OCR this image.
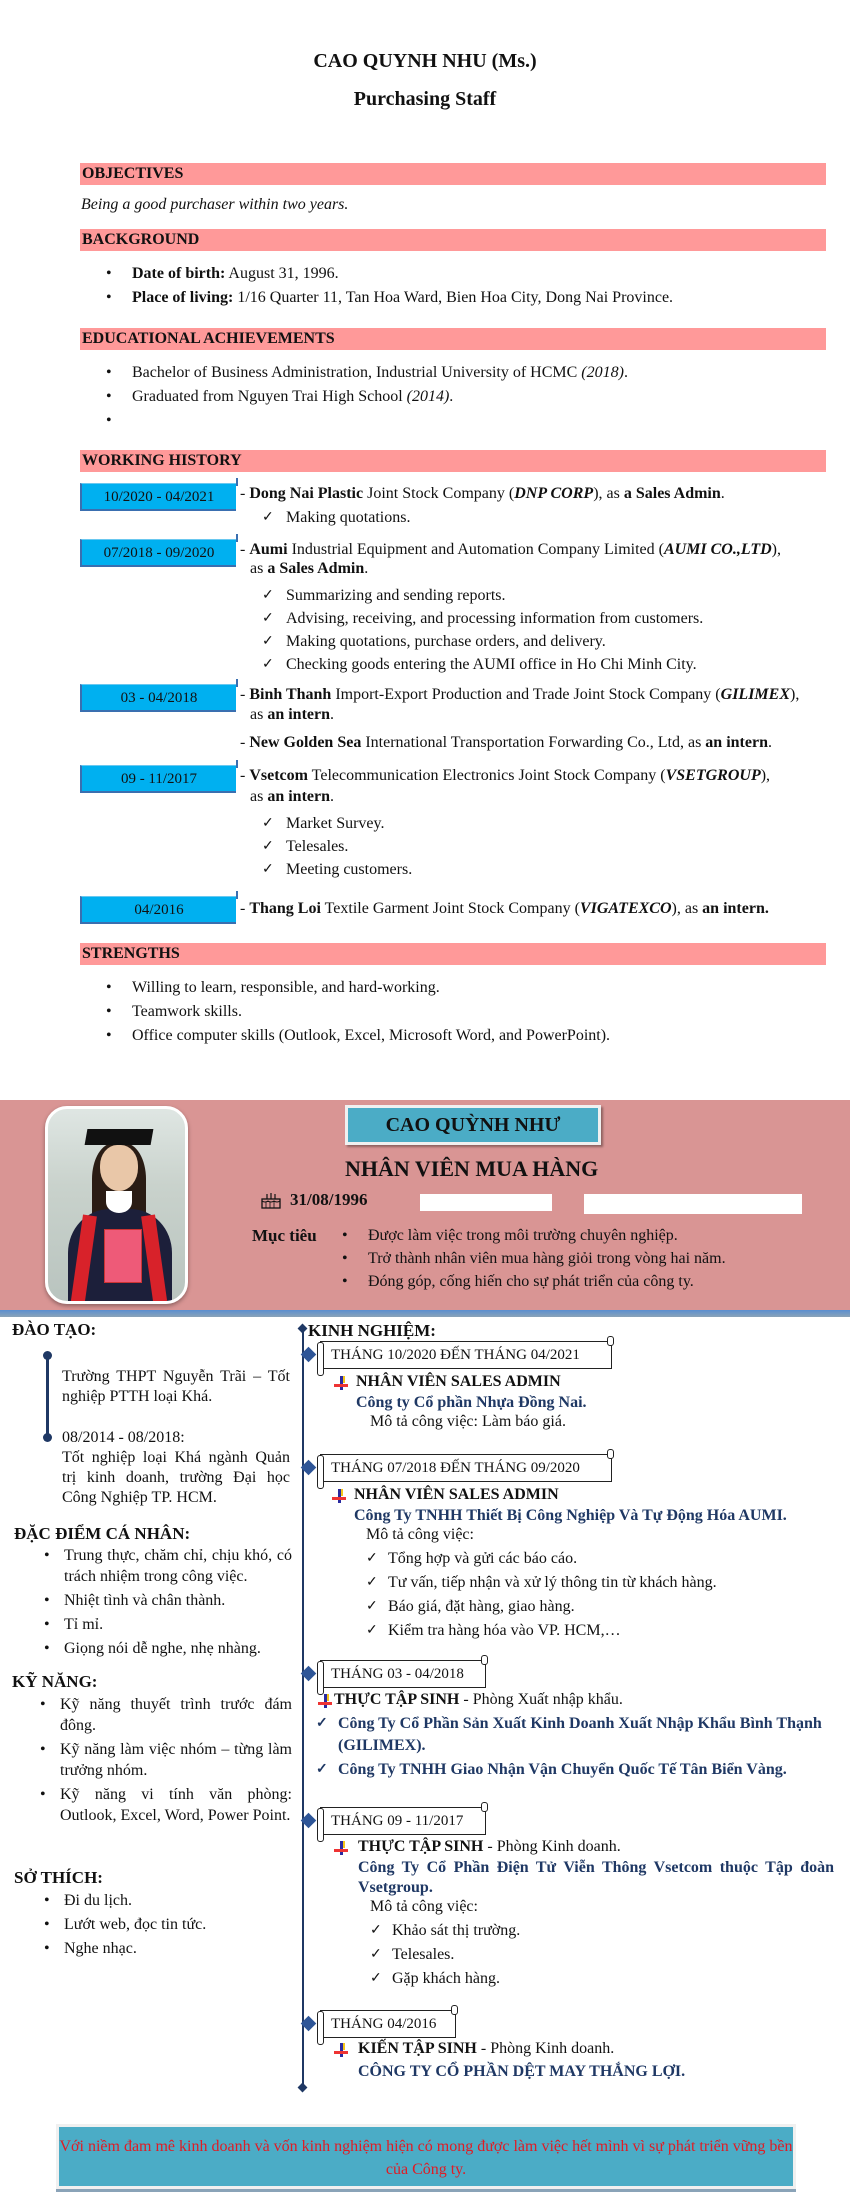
CAO QUYNH NHU (Ms.)
Purchasing Staff
OBJECTIVES
Being a good purchaser within two years.
BACKGROUND
• Date of birth: August 31, 1996.
• Place of living: 1/16 Quarter 11, Tan Hoa Ward, Bien Hoa City, Dong Nai Province.
EDUCATIONAL ACHIEVEMENTS
• Bachelor of Business Administration, Industrial University of HCMC (2018).
• Graduated from Nguyen Trai High School (2014).
•
WORKING HISTORY
10/2020 - 04/2021	- Dong Nai Plastic Joint Stock Company (DNP CORP), as a Sales Admin.
✓ Making quotations.
07/2018 - 09/2020	- Aumi Industrial Equipment and Automation Company Limited (AUMI CO.,LTD),
as a Sales Admin.
✓ Summarizing and sending reports.
✓ Advising, receiving, and processing information from customers.
✓ Making quotations, purchase orders, and delivery.
✓ Checking goods entering the AUMI office in Ho Chi Minh City.
03 - 04/2018	- Binh Thanh Import-Export Production and Trade Joint Stock Company (GILIMEX),
as an intern.
- New Golden Sea International Transportation Forwarding Co., Ltd, as an intern.
09 - 11/2017	- Vsetcom Telecommunication Electronics Joint Stock Company (VSETGROUP),
as an intern.
✓ Market Survey.
✓ Telesales.
✓ Meeting customers.
04/2016	- Thang Loi Textile Garment Joint Stock Company (VIGATEXCO), as an intern.
STRENGTHS
• Willing to learn, responsible, and hard-working.
• Teamwork skills.
• Office computer skills (Outlook, Excel, Microsoft Word, and PowerPoint).
CAO QUỲNH NHƯ
NHÂN VIÊN MUA HÀNG
31/08/1996
Mục tiêu	• Được làm việc trong môi trường chuyên nghiệp.
• Trở thành nhân viên mua hàng giỏi trong vòng hai năm.
• Đóng góp, cống hiến cho sự phát triển của công ty.
ĐÀO TẠO:
Trường THPT Nguyễn Trãi – Tốt nghiệp PTTH loại Khá.
08/2014 - 08/2018:
Tốt nghiệp loại Khá ngành Quản trị kinh doanh, trường Đại học Công Nghiệp TP. HCM.
ĐẶC ĐIỂM CÁ NHÂN:
• Trung thực, chăm chỉ, chịu khó, có trách nhiệm trong công việc.
• Nhiệt tình và chân thành.
• Tỉ mỉ.
• Giọng nói dễ nghe, nhẹ nhàng.
KỸ NĂNG:
• Kỹ năng thuyết trình trước đám đông.
• Kỹ năng làm việc nhóm – từng làm trưởng nhóm.
• Kỹ năng vi tính văn phòng: Outlook, Excel, Word, Power Point.
SỞ THÍCH:
• Đi du lịch.
• Lướt web, đọc tin tức.
• Nghe nhạc.
KINH NGHIỆM:
THÁNG 10/2020 ĐẾN THÁNG 04/2021
NHÂN VIÊN SALES ADMIN
Công ty Cổ phần Nhựa Đồng Nai.
Mô tả công việc: Làm báo giá.
THÁNG 07/2018 ĐẾN THÁNG 09/2020
NHÂN VIÊN SALES ADMIN
Công Ty TNHH Thiết Bị Công Nghiệp Và Tự Động Hóa AUMI.
Mô tả công việc:
✓ Tổng hợp và gửi các báo cáo.
✓ Tư vấn, tiếp nhận và xử lý thông tin từ khách hàng.
✓ Báo giá, đặt hàng, giao hàng.
✓ Kiểm tra hàng hóa vào VP. HCM,…
THÁNG 03 - 04/2018
THỰC TẬP SINH - Phòng Xuất nhập khẩu.
✓ Công Ty Cổ Phần Sản Xuất Kinh Doanh Xuất Nhập Khẩu Bình Thạnh (GILIMEX).
✓ Công Ty TNHH Giao Nhận Vận Chuyển Quốc Tế Tân Biển Vàng.
THÁNG 09 - 11/2017
THỰC TẬP SINH - Phòng Kinh doanh.
Công Ty Cổ Phần Điện Tử Viễn Thông Vsetcom thuộc Tập đoàn Vsetgroup.
Mô tả công việc:
✓ Khảo sát thị trường.
✓ Telesales.
✓ Gặp khách hàng.
THÁNG 04/2016
KIẾN TẬP SINH - Phòng Kinh doanh.
CÔNG TY CỔ PHẦN DỆT MAY THẮNG LỢI.
Với niềm đam mê kinh doanh và vốn kinh nghiệm hiện có mong được làm việc hết mình vì sự phát triển vững bền của Công ty.
